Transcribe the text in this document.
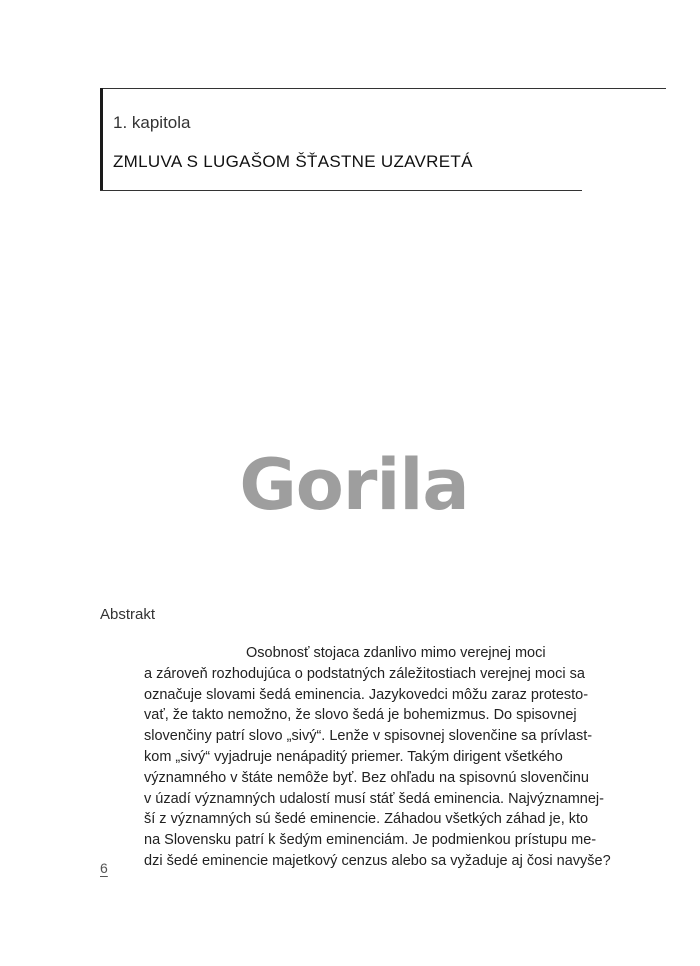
1. kapitola
ZMLUVA S LUGAŠOM ŠŤASTNE UZAVRETÁ
Gorila
Abstrakt

Osobnosť stojaca zdanlivo mimo verejnej moci
a zároveň rozhodujúca o podstatných záležitostiach verejnej moci sa
označuje slovami šedá eminencia. Jazykovedci môžu zaraz protesto-
vať, že takto nemožno, že slovo šedá je bohemizmus. Do spisovnej
slovenčiny patrí slovo „sivý“. Lenže v spisovnej slovenčine sa prívlast-
kom „sivý“ vyjadruje nenápaditý priemer. Takým dirigent všetkého
významného v štáte nemôže byť. Bez ohľadu na spisovnú slovenčinu
v úzadí významných udalostí musí stáť šedá eminencia. Najvýznamnej-
ší z významných sú šedé eminencie. Záhadou všetkých záhad je, kto
na Slovensku patrí k šedým eminenciám. Je podmienkou prístupu me-
dzi šedé eminencie majetkový cenzus alebo sa vyžaduje aj čosi navyše?

6
